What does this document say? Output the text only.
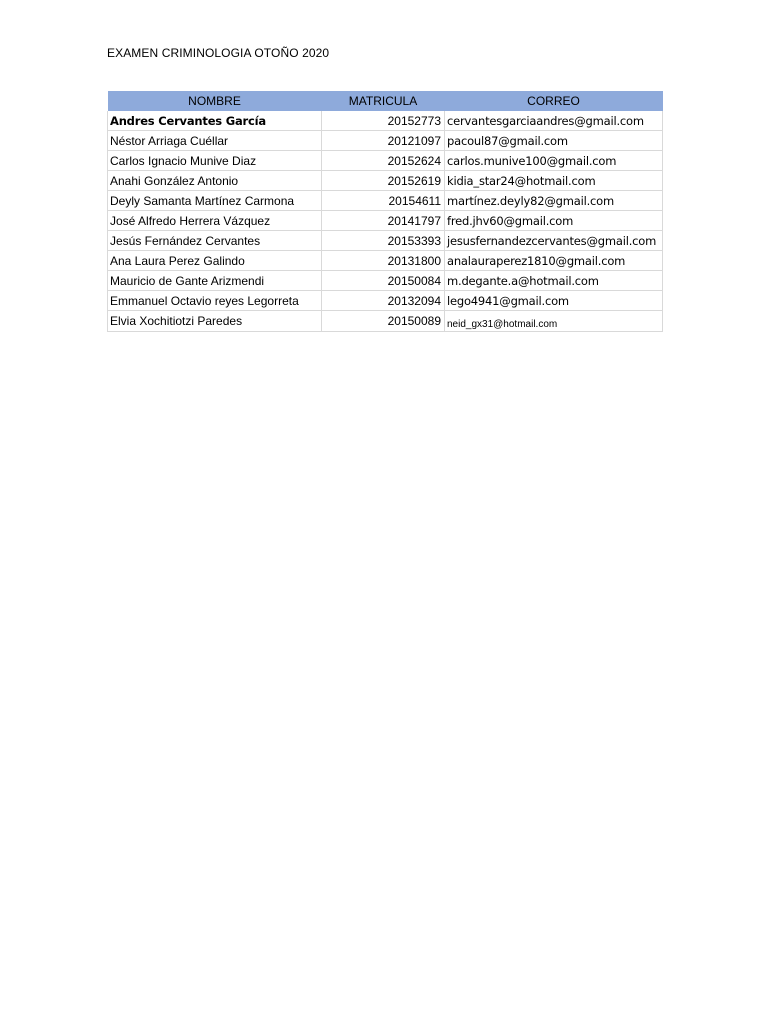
EXAMEN CRIMINOLOGIA OTOÑO 2020
NOMBRE	MATRICULA	CORREO
Andres Cervantes García	20152773	cervantesgarciaandres@gmail.com
Néstor Arriaga Cuéllar	20121097	pacoul87@gmail.com
Carlos Ignacio Munive Diaz	20152624	carlos.munive100@gmail.com
Anahi González Antonio	20152619	kidia_star24@hotmail.com
Deyly Samanta Martínez Carmona	20154611	martínez.deyly82@gmail.com
José Alfredo Herrera Vázquez	20141797	fred.jhv60@gmail.com
Jesús Fernández Cervantes	20153393	jesusfernandezcervantes@gmail.com
Ana Laura Perez Galindo	20131800	analauraperez1810@gmail.com
Mauricio de Gante Arizmendi	20150084	m.degante.a@hotmail.com
Emmanuel Octavio reyes Legorreta	20132094	lego4941@gmail.com
Elvia Xochitiotzi Paredes	20150089	neid_gx31@hotmail.com
